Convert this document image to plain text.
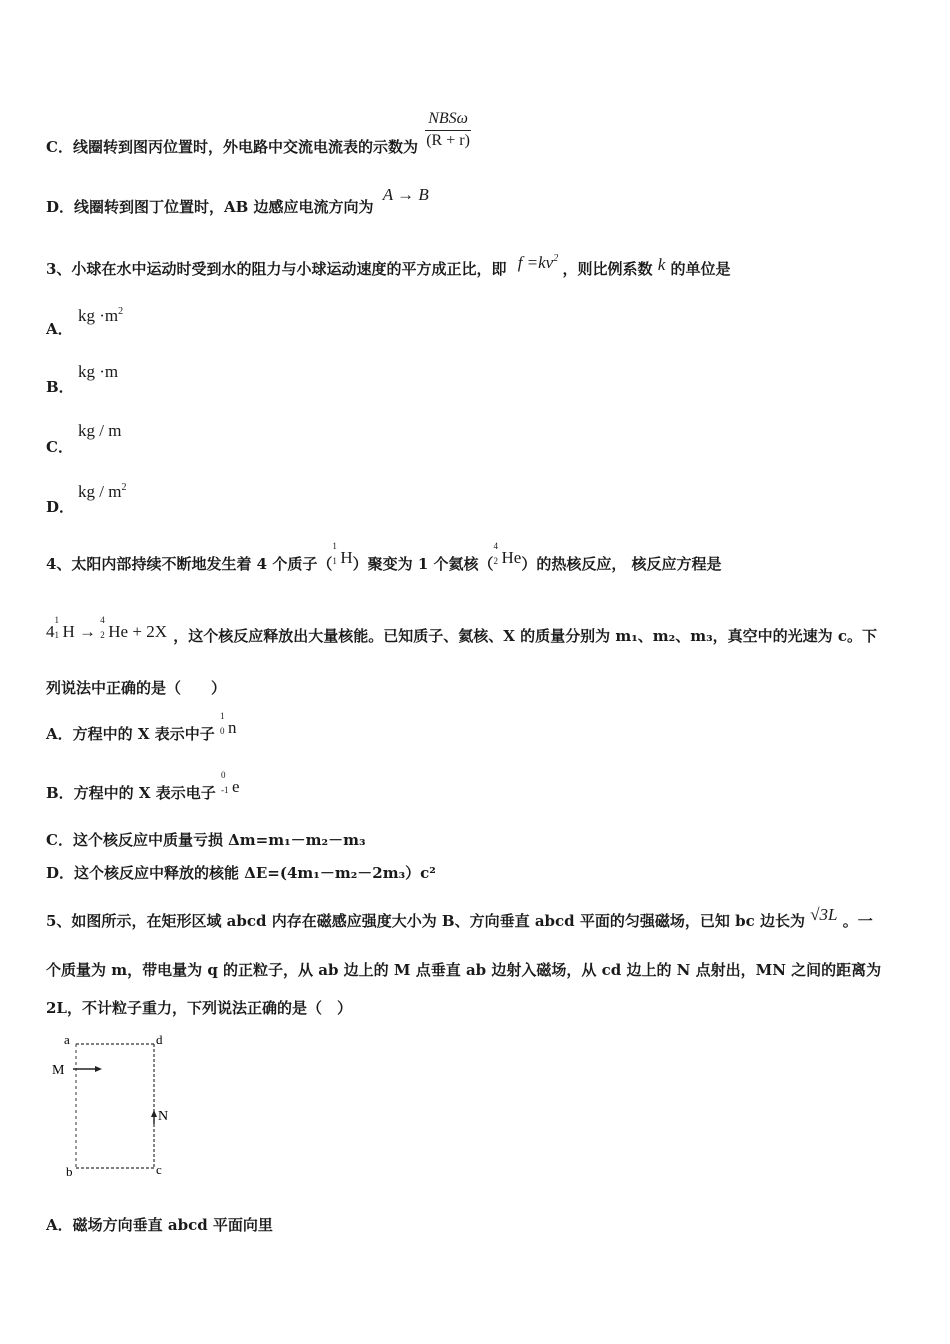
C．线圈转到图丙位置时，外电路中交流电流表的示数为 $\frac{\text{NBSω}}{(R + r)}$
D．线圈转到图丁位置时，AB 边感应电流方向为 A → B
3、小球在水中运动时受到水的阻力与小球运动速度的平方成正比，即 $f =kv^2$ ，则比例系数 k 的单位是
A．
kg $\cdot m^2$
B．
kg ·m
C．
kg / m
D．
kg / $m^2$
4、太阳内部持续不断地发生着 4 个质子（
1
1 H）聚变为 1 个氦核（
4
2 He）的热核反应， 核反应方程是
4
1
1 H →
4
2 He + 2X ，这个核反应释放出大量核能。已知质子、氦核、X 的质量分别为 m₁、m₂、m₃，真空中的光速为 c。下
列说法中正确的是（　　）
A．方程中的 X 表示中子
1
0 n
B．方程中的 X 表示电子
0
-1 e
C．这个核反应中质量亏损 Δm=m₁－m₂－m₃
D．这个核反应中释放的核能 ΔE=(4m₁－m₂－2m₃）c²
5、如图所示，在矩形区域 abcd 内存在磁感应强度大小为 B、方向垂直 abcd 平面的匀强磁场，已知 bc 边长为 √3L 。一
个质量为 m，带电量为 q 的正粒子，从 ab 边上的 M 点垂直 ab 边射入磁场，从 cd 边上的 N 点射出，MN 之间的距离为
2L，不计粒子重力，下列说法正确的是（　）
a	d
M
N
b	c
A．磁场方向垂直 abcd 平面向里
